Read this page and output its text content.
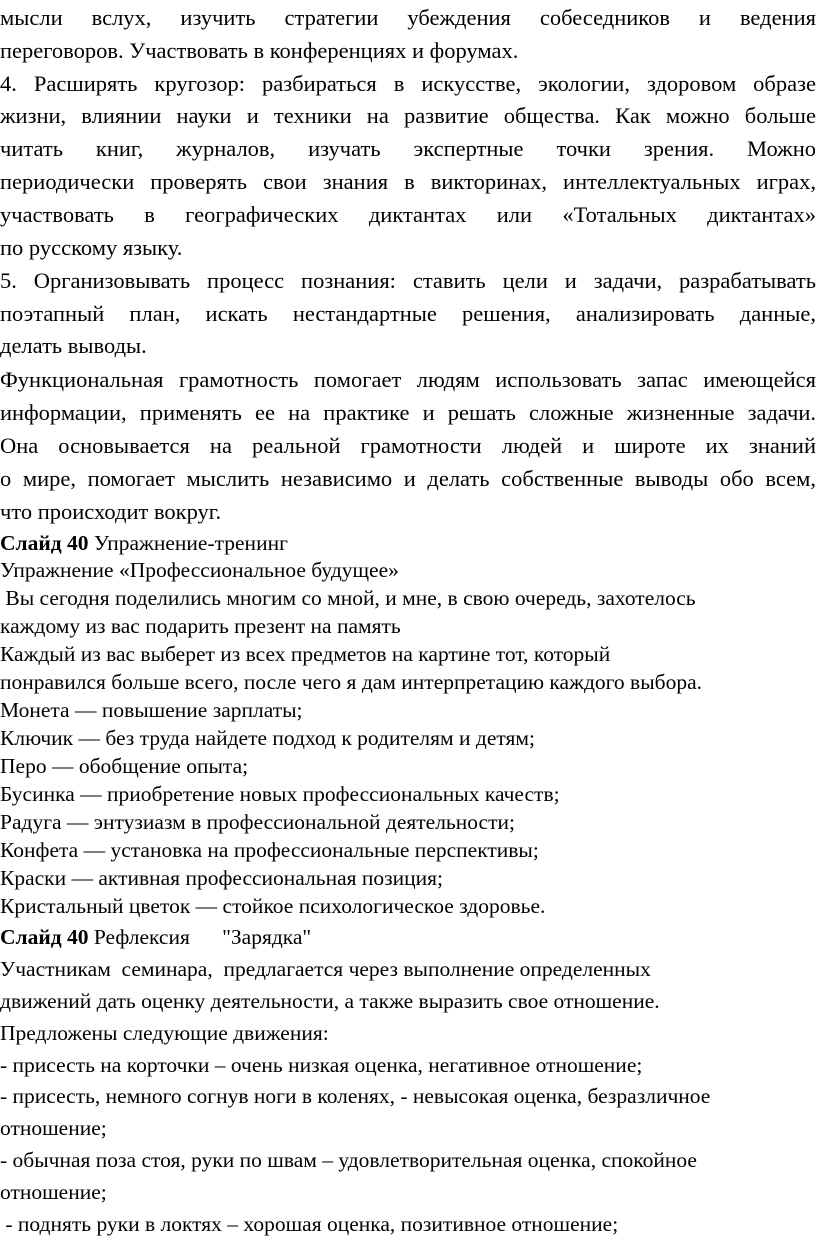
мысли вслух, изучить стратегии убеждения собеседников и ведения
переговоров. Участвовать в конференциях и форумах.
4. Расширять кругозор: разбираться в искусстве, экологии, здоровом образе
жизни, влиянии науки и техники на развитие общества. Как можно больше
читать книг, журналов, изучать экспертные точки зрения. Можно
периодически проверять свои знания в викторинах, интеллектуальных играх,
участвовать в географических диктантах или «Тотальных диктантах»
по русскому языку.
5. Организовывать процесс познания: ставить цели и задачи, разрабатывать
поэтапный план, искать нестандартные решения, анализировать данные,
делать выводы.
Функциональная грамотность помогает людям использовать запас имеющейся
информации, применять ее на практике и решать сложные жизненные задачи.
Она основывается на реальной грамотности людей и широте их знаний
о мире, помогает мыслить независимо и делать собственные выводы обо всем,
что происходит вокруг.
Слайд 40 Упражнение-тренинг
Упражнение «Профессиональное будущее»
Вы сегодня поделились многим со мной, и мне, в свою очередь, захотелось
каждому из вас подарить презент на память
Каждый из вас выберет из всех предметов на картине тот, который
понравился больше всего, после чего я дам интерпретацию каждого выбора.
Монета — повышение зарплаты;
Ключик — без труда найдете подход к родителям и детям;
Перо — обобщение опыта;
Бусинка — приобретение новых профессиональных качеств;
Радуга — энтузиазм в профессиональной деятельности;
Конфета — установка на профессиональные перспективы;
Краски — активная профессиональная позиция;
Кристальный цветок — стойкое психологическое здоровье.
Слайд 40 Рефлексия      "Зарядка"
Участникам  семинара,  предлагается через выполнение определенных
движений дать оценку деятельности, а также выразить свое отношение.
Предложены следующие движения:
- присесть на корточки – очень низкая оценка, негативное отношение;
- присесть, немного согнув ноги в коленях, - невысокая оценка, безразличное
отношение;
- обычная поза стоя, руки по швам – удовлетворительная оценка, спокойное
отношение;
- поднять руки в локтях – хорошая оценка, позитивное отношение;
